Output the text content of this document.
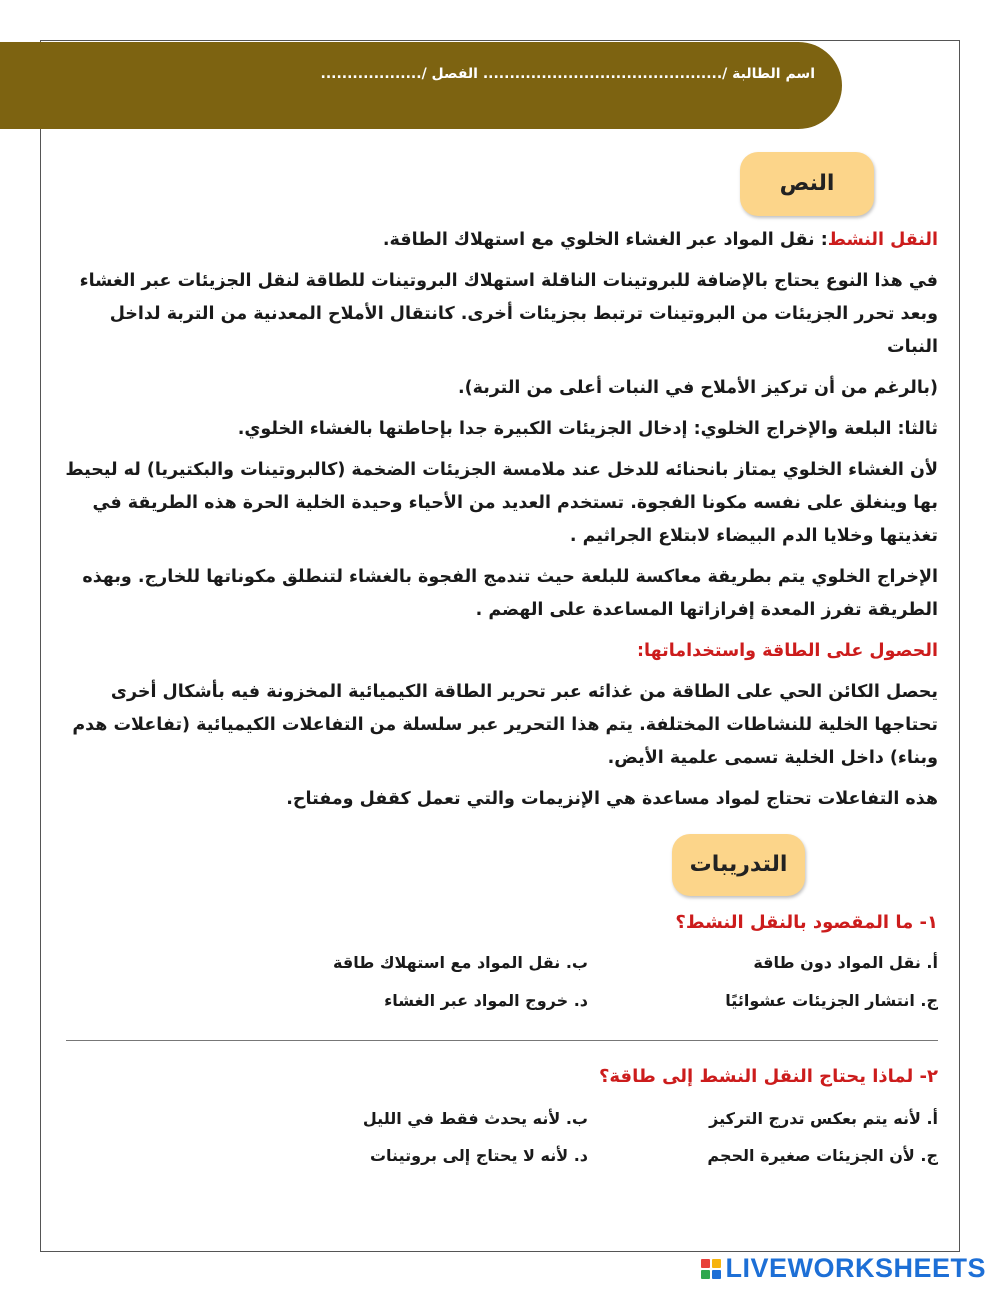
اسم الطالبة /............................................. الفصل /...................
النص

النقل النشط: نقل المواد عبر الغشاء الخلوي مع استهلاك الطاقة.

في هذا النوع يحتاج بالإضافة للبروتينات الناقلة استهلاك البروتينات للطاقة لنقل الجزيئات عبر الغشاء وبعد تحرر الجزيئات من البروتينات ترتبط بجزيئات أخرى. كانتقال الأملاح المعدنية من التربة لداخل النبات

(بالرغم من أن تركيز الأملاح في النبات أعلى من التربة).

ثالثا: البلعة والإخراج الخلوي: إدخال الجزيئات الكبيرة جدا بإحاطتها بالغشاء الخلوي.

لأن الغشاء الخلوي يمتاز بانحنائه للدخل عند ملامسة الجزيئات الضخمة (كالبروتينات والبكتيريا) له ليحيط بها وينغلق على نفسه مكونا الفجوة. تستخدم العديد من الأحياء وحيدة الخلية الحرة هذه الطريقة في تغذيتها وخلايا الدم البيضاء لابتلاع الجراثيم .

الإخراج الخلوي يتم بطريقة معاكسة للبلعة حيث تندمج الفجوة بالغشاء لتنطلق مكوناتها للخارج. وبهذه الطريقة تفرز المعدة إفرازاتها المساعدة على الهضم .

الحصول على الطاقة واستخداماتها:

يحصل الكائن الحي على الطاقة من غذائه عبر تحرير الطاقة الكيميائية المخزونة فيه بأشكال أخرى تحتاجها الخلية للنشاطات المختلفة. يتم هذا التحرير عبر سلسلة من التفاعلات الكيميائية (تفاعلات هدم وبناء) داخل الخلية تسمى علمية الأيض.

هذه التفاعلات تحتاج لمواد مساعدة هي الإنزيمات والتي تعمل كقفل ومفتاح.

التدريبات
١- ما المقصود بالنقل النشط؟
أ. نقل المواد دون طاقة
ب. نقل المواد مع استهلاك طاقة
ج. انتشار الجزيئات عشوائيًا
د. خروج المواد عبر الغشاء
٢- لماذا يحتاج النقل النشط إلى طاقة؟
أ. لأنه يتم بعكس تدرج التركيز
ب. لأنه يحدث فقط في الليل
ج. لأن الجزيئات صغيرة الحجم
د. لأنه لا يحتاج إلى بروتينات
LIVEWORKSHEETS
